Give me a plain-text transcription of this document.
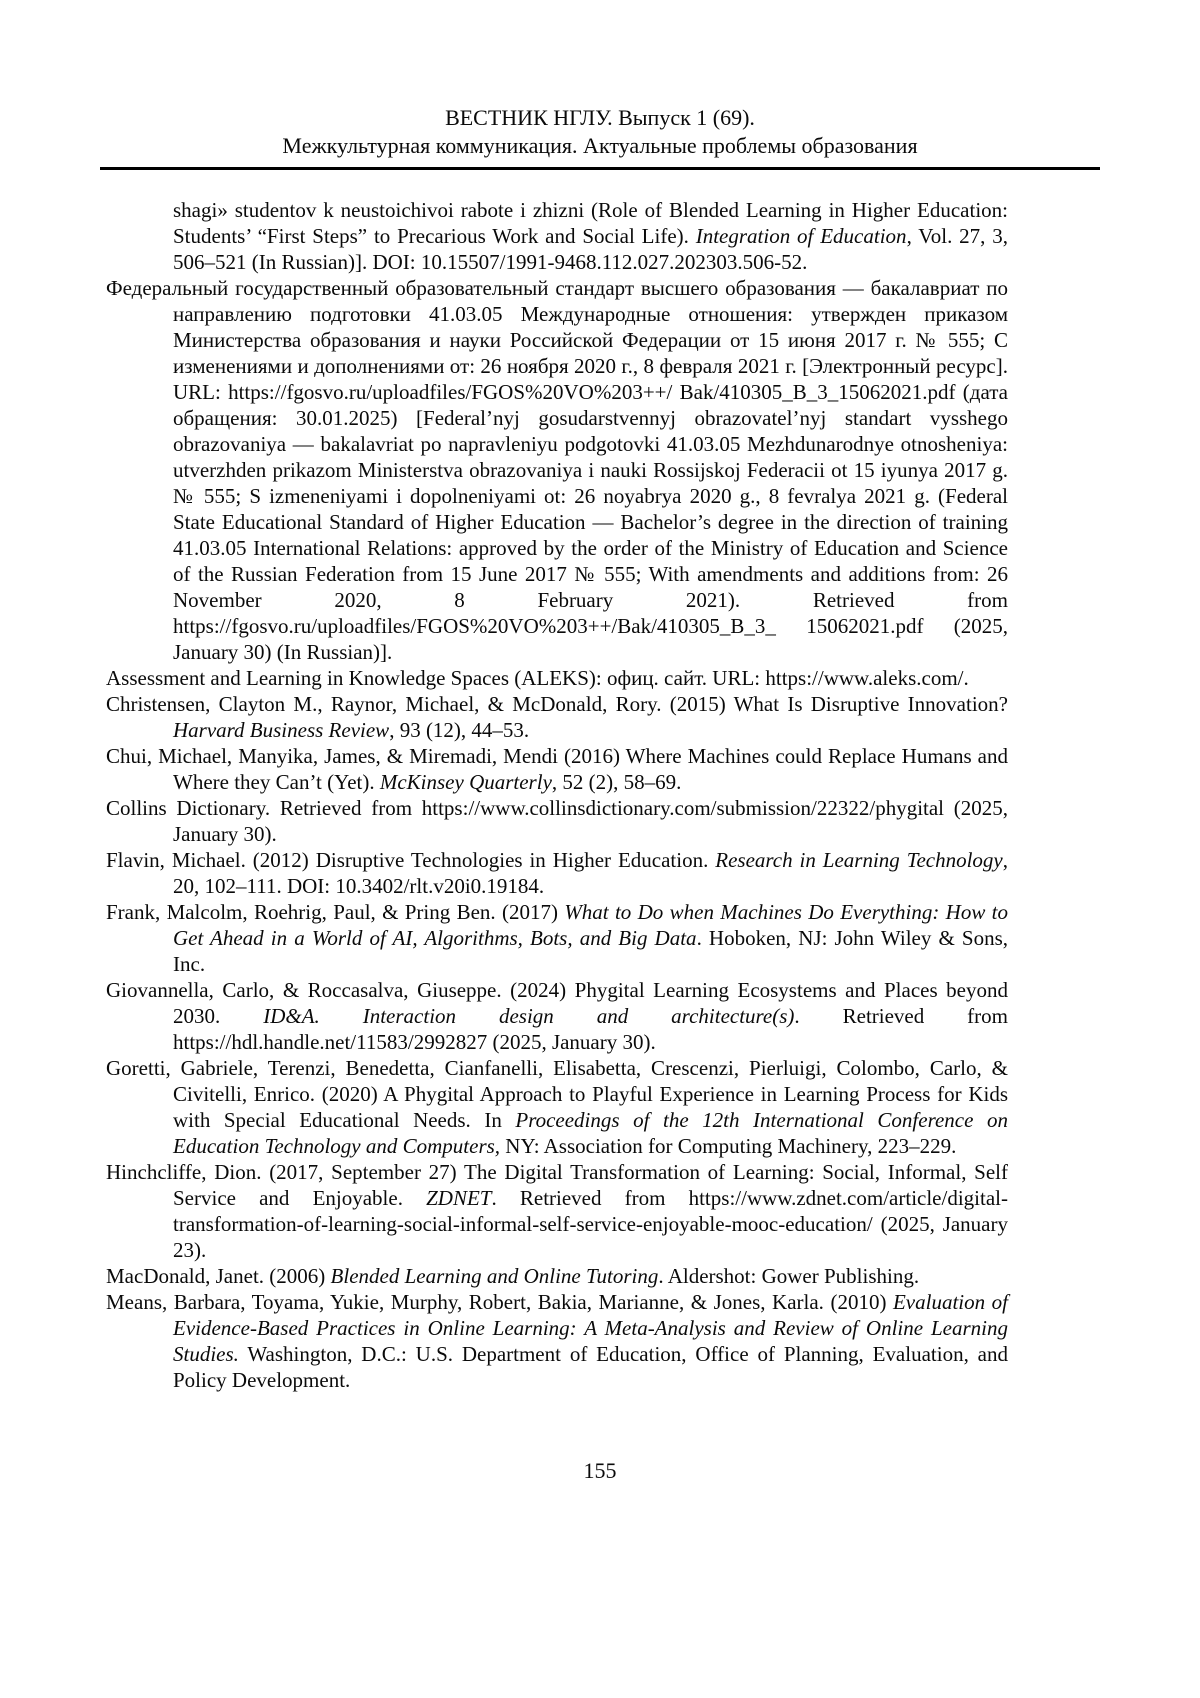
ВЕСТНИК НГЛУ. Выпуск 1 (69).
Межкультурная коммуникация. Актуальные проблемы образования

shagi» studentov k neustoichivoi rabote i zhizni (Role of Blended Learning in Higher Education: Students’ “First Steps” to Precarious Work and Social Life). Integration of Education, Vol. 27, 3, 506–521 (In Russian)]. DOI: 10.15507/1991-9468.112.027.202303.506-52.

Федеральный государственный образовательный стандарт высшего образования — бакалавриат по направлению подготовки 41.03.05 Международные отношения: утвержден приказом Министерства образования и науки Российской Федерации от 15 июня 2017 г. № 555; С изменениями и дополнениями от: 26 ноября 2020 г., 8 февраля 2021 г. [Электронный ресурс]. URL: https://fgosvo.ru/uploadfiles/FGOS%20VO%203++/ Bak/410305_B_3_15062021.pdf (дата обращения: 30.01.2025) [Federal’nyj gosudarstvennyj obrazovatel’nyj standart vysshego obrazovaniya — bakalavriat po napravleniyu podgotovki 41.03.05 Mezhdunarodnye otnosheniya: utverzhden prikazom Ministerstva obrazovaniya i nauki Rossijskoj Federacii ot 15 iyunya 2017 g. № 555; S izmeneniyami i dopolneniyami ot: 26 noyabrya 2020 g., 8 fevralya 2021 g. (Federal State Educational Standard of Higher Education — Bachelor’s degree in the direction of training 41.03.05 International Relations: approved by the order of the Ministry of Education and Science of the Russian Federation from 15 June 2017 № 555; With amendments and additions from: 26 November 2020, 8 February 2021). Retrieved from https://fgosvo.ru/uploadfiles/FGOS%20VO%203++/Bak/410305_B_3_ 15062021.pdf (2025, January 30) (In Russian)].

Assessment and Learning in Knowledge Spaces (ALEKS): офиц. сайт. URL: https://www.aleks.com/.

Christensen, Clayton M., Raynor, Michael, & McDonald, Rory. (2015) What Is Disruptive Innovation? Harvard Business Review, 93 (12), 44–53.

Chui, Michael, Manyika, James, & Miremadi, Mendi (2016) Where Machines could Replace Humans and Where they Can’t (Yet). McKinsey Quarterly, 52 (2), 58–69.

Collins Dictionary. Retrieved from https://www.collinsdictionary.com/submission/22322/phygital (2025, January 30).

Flavin, Michael. (2012) Disruptive Technologies in Higher Education. Research in Learning Technology, 20, 102–111. DOI: 10.3402/rlt.v20i0.19184.

Frank, Malcolm, Roehrig, Paul, & Pring Ben. (2017) What to Do when Machines Do Everything: How to Get Ahead in a World of AI, Algorithms, Bots, and Big Data. Hoboken, NJ: John Wiley & Sons, Inc.

Giovannella, Carlo, & Roccasalva, Giuseppe. (2024) Phygital Learning Ecosystems and Places beyond 2030. ID&A. Interaction design and architecture(s). Retrieved from https://hdl.handle.net/11583/2992827 (2025, January 30).

Goretti, Gabriele, Terenzi, Benedetta, Cianfanelli, Elisabetta, Crescenzi, Pierluigi, Colombo, Carlo, & Civitelli, Enrico. (2020) A Phygital Approach to Playful Experience in Learning Process for Kids with Special Educational Needs. In Proceedings of the 12th International Conference on Education Technology and Computers, NY: Association for Computing Machinery, 223–229.

Hinchcliffe, Dion. (2017, September 27) The Digital Transformation of Learning: Social, Informal, Self Service and Enjoyable. ZDNET. Retrieved from https://www.zdnet.com/article/digital-transformation-of-learning-social-informal-self-service-enjoyable-mooc-education/ (2025, January 23).

MacDonald, Janet. (2006) Blended Learning and Online Tutoring. Aldershot: Gower Publishing.

Means, Barbara, Toyama, Yukie, Murphy, Robert, Bakia, Marianne, & Jones, Karla. (2010) Evaluation of Evidence-Based Practices in Online Learning: A Meta-Analysis and Review of Online Learning Studies. Washington, D.C.: U.S. Department of Education, Office of Planning, Evaluation, and Policy Development.

155
